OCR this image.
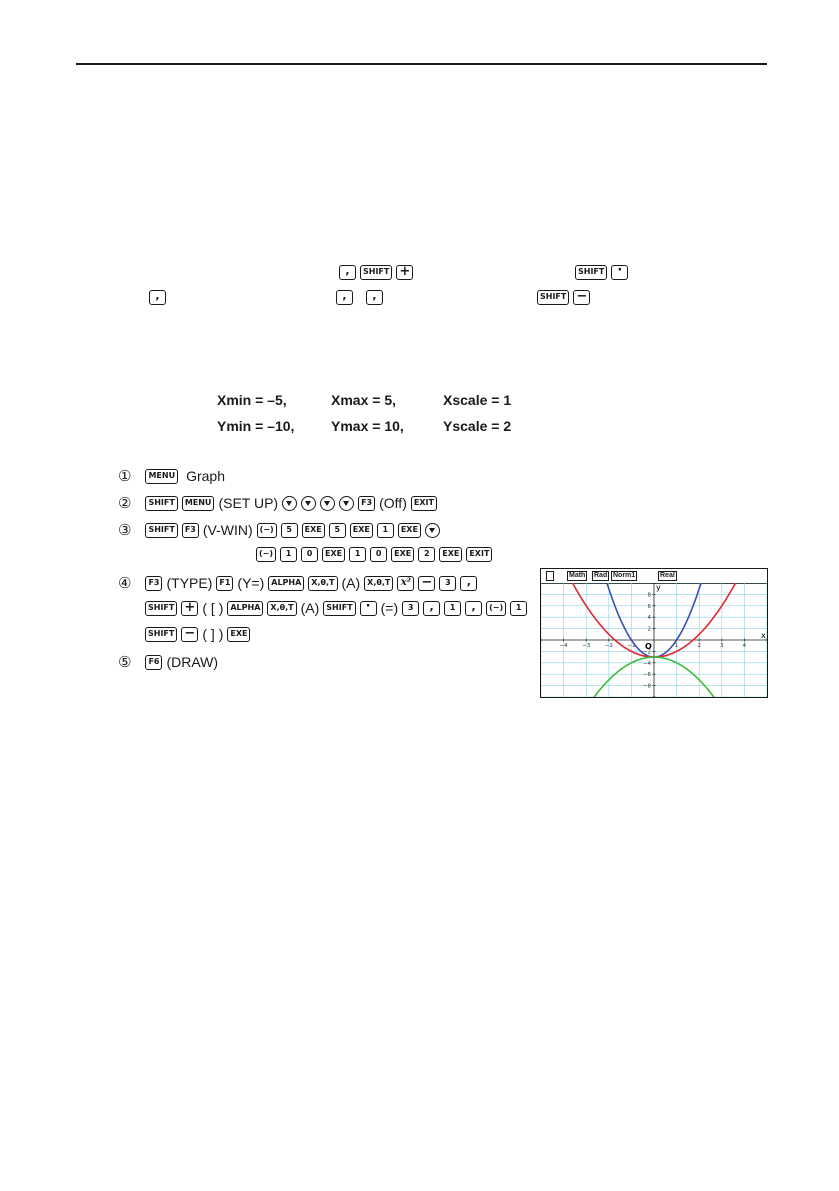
,	SHIFT +	SHIFT	·
,	,	,	SHIFT −
Xmin = –5,	Xmax = 5,	Xscale = 1
Ymin = –10,	Ymax = 10,	Yscale = 2
①	MENU Graph
②	SHIFT	MENU (SET UP)	F3 (Off) EXIT
③	SHIFT	F3 (V-WIN) (−)	5	EXE	5	EXE	1	EXE
(−)	1	0	EXE	1	0	EXE	2	EXE	EXIT
④	F3 (TYPE) F1 (Y=) ALPHA	X,θ,T (A) X,θ,T	x² −	3	,
SHIFT + ( [ ) ALPHA	X,θ,T (A) SHIFT	· (=)	3	,	1	,	(−)	1
SHIFT − ( ] ) EXE
⑤	F6 (DRAW)
Math Rad Norm1	Real
−4	−3	−2	−1	1	2	3	4
8
6
4
2
−2
−4
−6
−8
x
y
O
